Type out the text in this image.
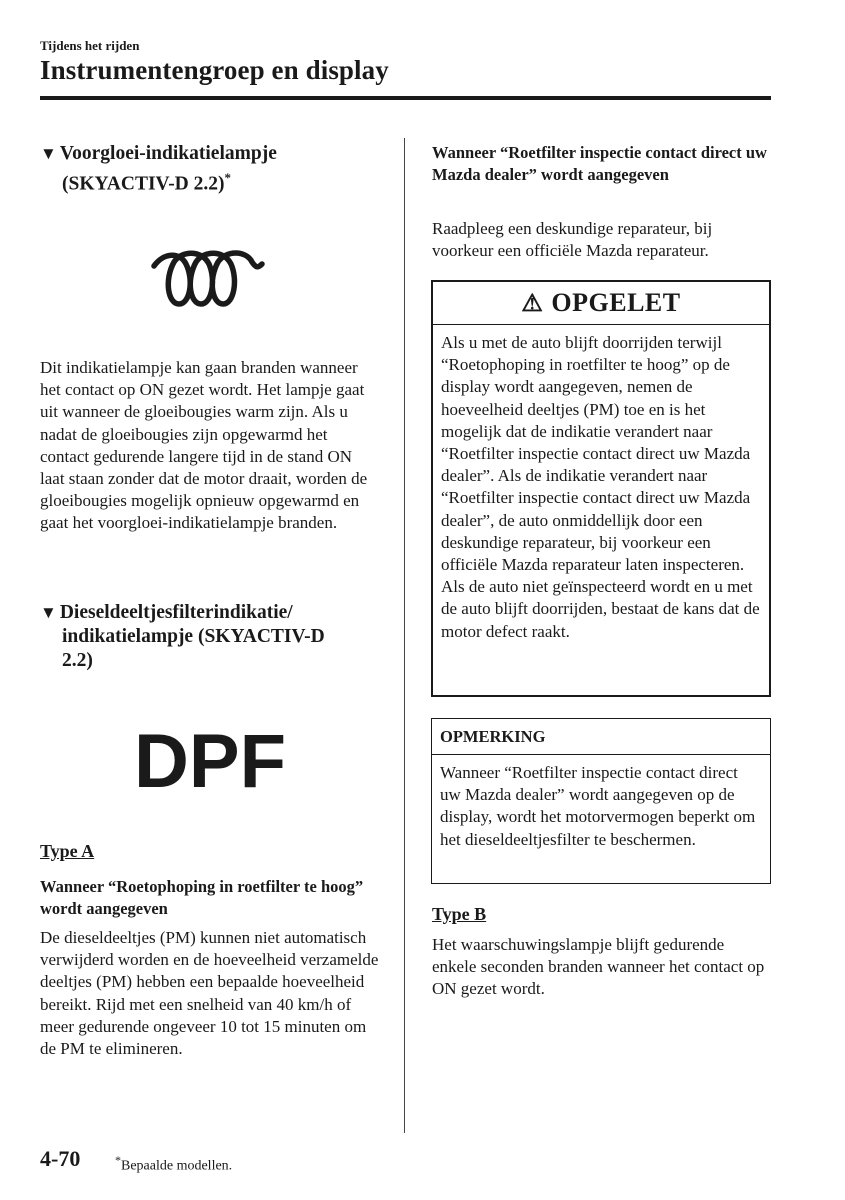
Tijdens het rijden
Instrumentengroep en display
▼ Voorgloei-indikatielampje
(SKYACTIV-D 2.2)*
Dit indikatielampje kan gaan branden wanneer het contact op ON gezet wordt. Het lampje gaat uit wanneer de gloeibougies warm zijn. Als u nadat de gloeibougies zijn opgewarmd het contact gedurende langere tijd in de stand ON laat staan zonder dat de motor draait, worden de gloeibougies mogelijk opnieuw opgewarmd en gaat het voorgloei-indikatielampje branden.
▼ Dieseldeeltjesfilterindikatie/
indikatielampje (SKYACTIV-D
2.2)
DPF
Type A
Wanneer “Roetophoping in roetfilter te hoog” wordt aangegeven
De dieseldeeltjes (PM) kunnen niet automatisch verwijderd worden en de hoeveelheid verzamelde deeltjes (PM) hebben een bepaalde hoeveelheid bereikt. Rijd met een snelheid van 40 km/h of meer gedurende ongeveer 10 tot 15 minuten om de PM te elimineren.
Wanneer “Roetfilter inspectie contact direct uw Mazda dealer” wordt aangegeven
Raadpleeg een deskundige reparateur, bij voorkeur een officiële Mazda reparateur.
⚠ OPGELET
Als u met de auto blijft doorrijden terwijl “Roetophoping in roetfilter te hoog” op de display wordt aangegeven, nemen de hoeveelheid deeltjes (PM) toe en is het mogelijk dat de indikatie verandert naar “Roetfilter inspectie contact direct uw Mazda dealer”. Als de indikatie verandert naar “Roetfilter inspectie contact direct uw Mazda dealer”, de auto onmiddellijk door een deskundige reparateur, bij voorkeur een officiële Mazda reparateur laten inspecteren. Als de auto niet geïnspecteerd wordt en u met de auto blijft doorrijden, bestaat de kans dat de motor defect raakt.
OPMERKING
Wanneer “Roetfilter inspectie contact direct uw Mazda dealer” wordt aangegeven op de display, wordt het motorvermogen beperkt om het dieseldeeltjesfilter te beschermen.
Type B
Het waarschuwingslampje blijft gedurende enkele seconden branden wanneer het contact op ON gezet wordt.
4-70	*Bepaalde modellen.
